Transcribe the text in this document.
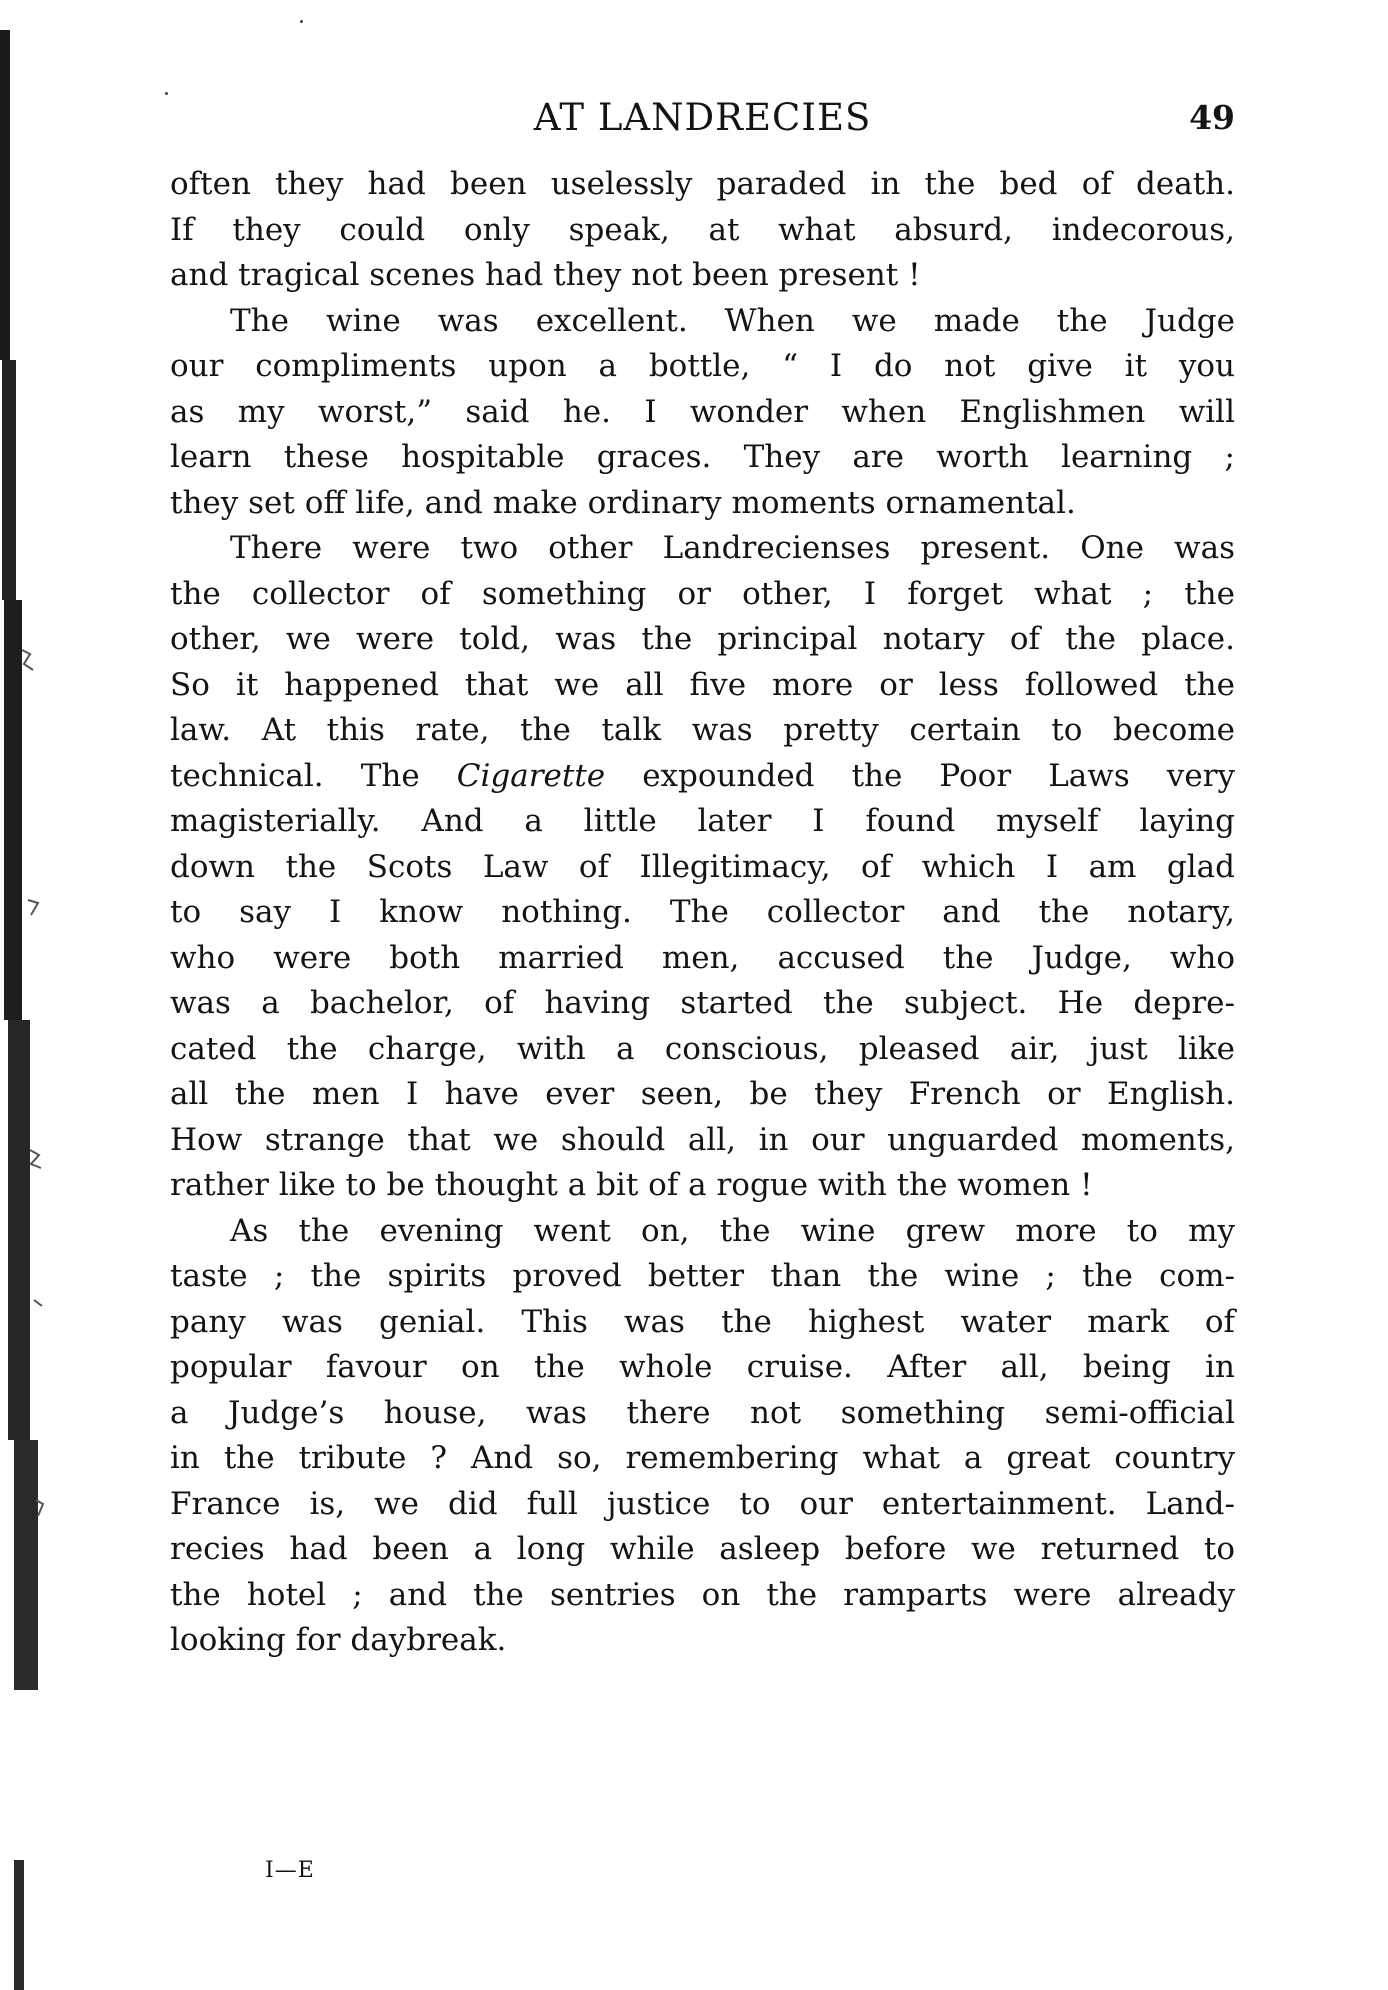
AT LANDRECIES	49
often they had been uselessly paraded in the bed of death.
If they could only speak, at what absurd, indecorous,
and tragical scenes had they not been present !
The wine was excellent. When we made the Judge
our compliments upon a bottle, “ I do not give it you
as my worst,” said he. I wonder when Englishmen will
learn these hospitable graces. They are worth learning ;
they set off life, and make ordinary moments ornamental.
There were two other Landrecienses present. One was
the collector of something or other, I forget what ; the
other, we were told, was the principal notary of the place.
So it happened that we all five more or less followed the
law. At this rate, the talk was pretty certain to become
technical. The Cigarette expounded the Poor Laws very
magisterially. And a little later I found myself laying
down the Scots Law of Illegitimacy, of which I am glad
to say I know nothing. The collector and the notary,
who were both married men, accused the Judge, who
was a bachelor, of having started the subject. He depre-
cated the charge, with a conscious, pleased air, just like
all the men I have ever seen, be they French or English.
How strange that we should all, in our unguarded moments,
rather like to be thought a bit of a rogue with the women !
As the evening went on, the wine grew more to my
taste ; the spirits proved better than the wine ; the com-
pany was genial. This was the highest water mark of
popular favour on the whole cruise. After all, being in
a Judge’s house, was there not something semi-official
in the tribute ? And so, remembering what a great country
France is, we did full justice to our entertainment. Land-
recies had been a long while asleep before we returned to
the hotel ; and the sentries on the ramparts were already
looking for daybreak.
I—E
